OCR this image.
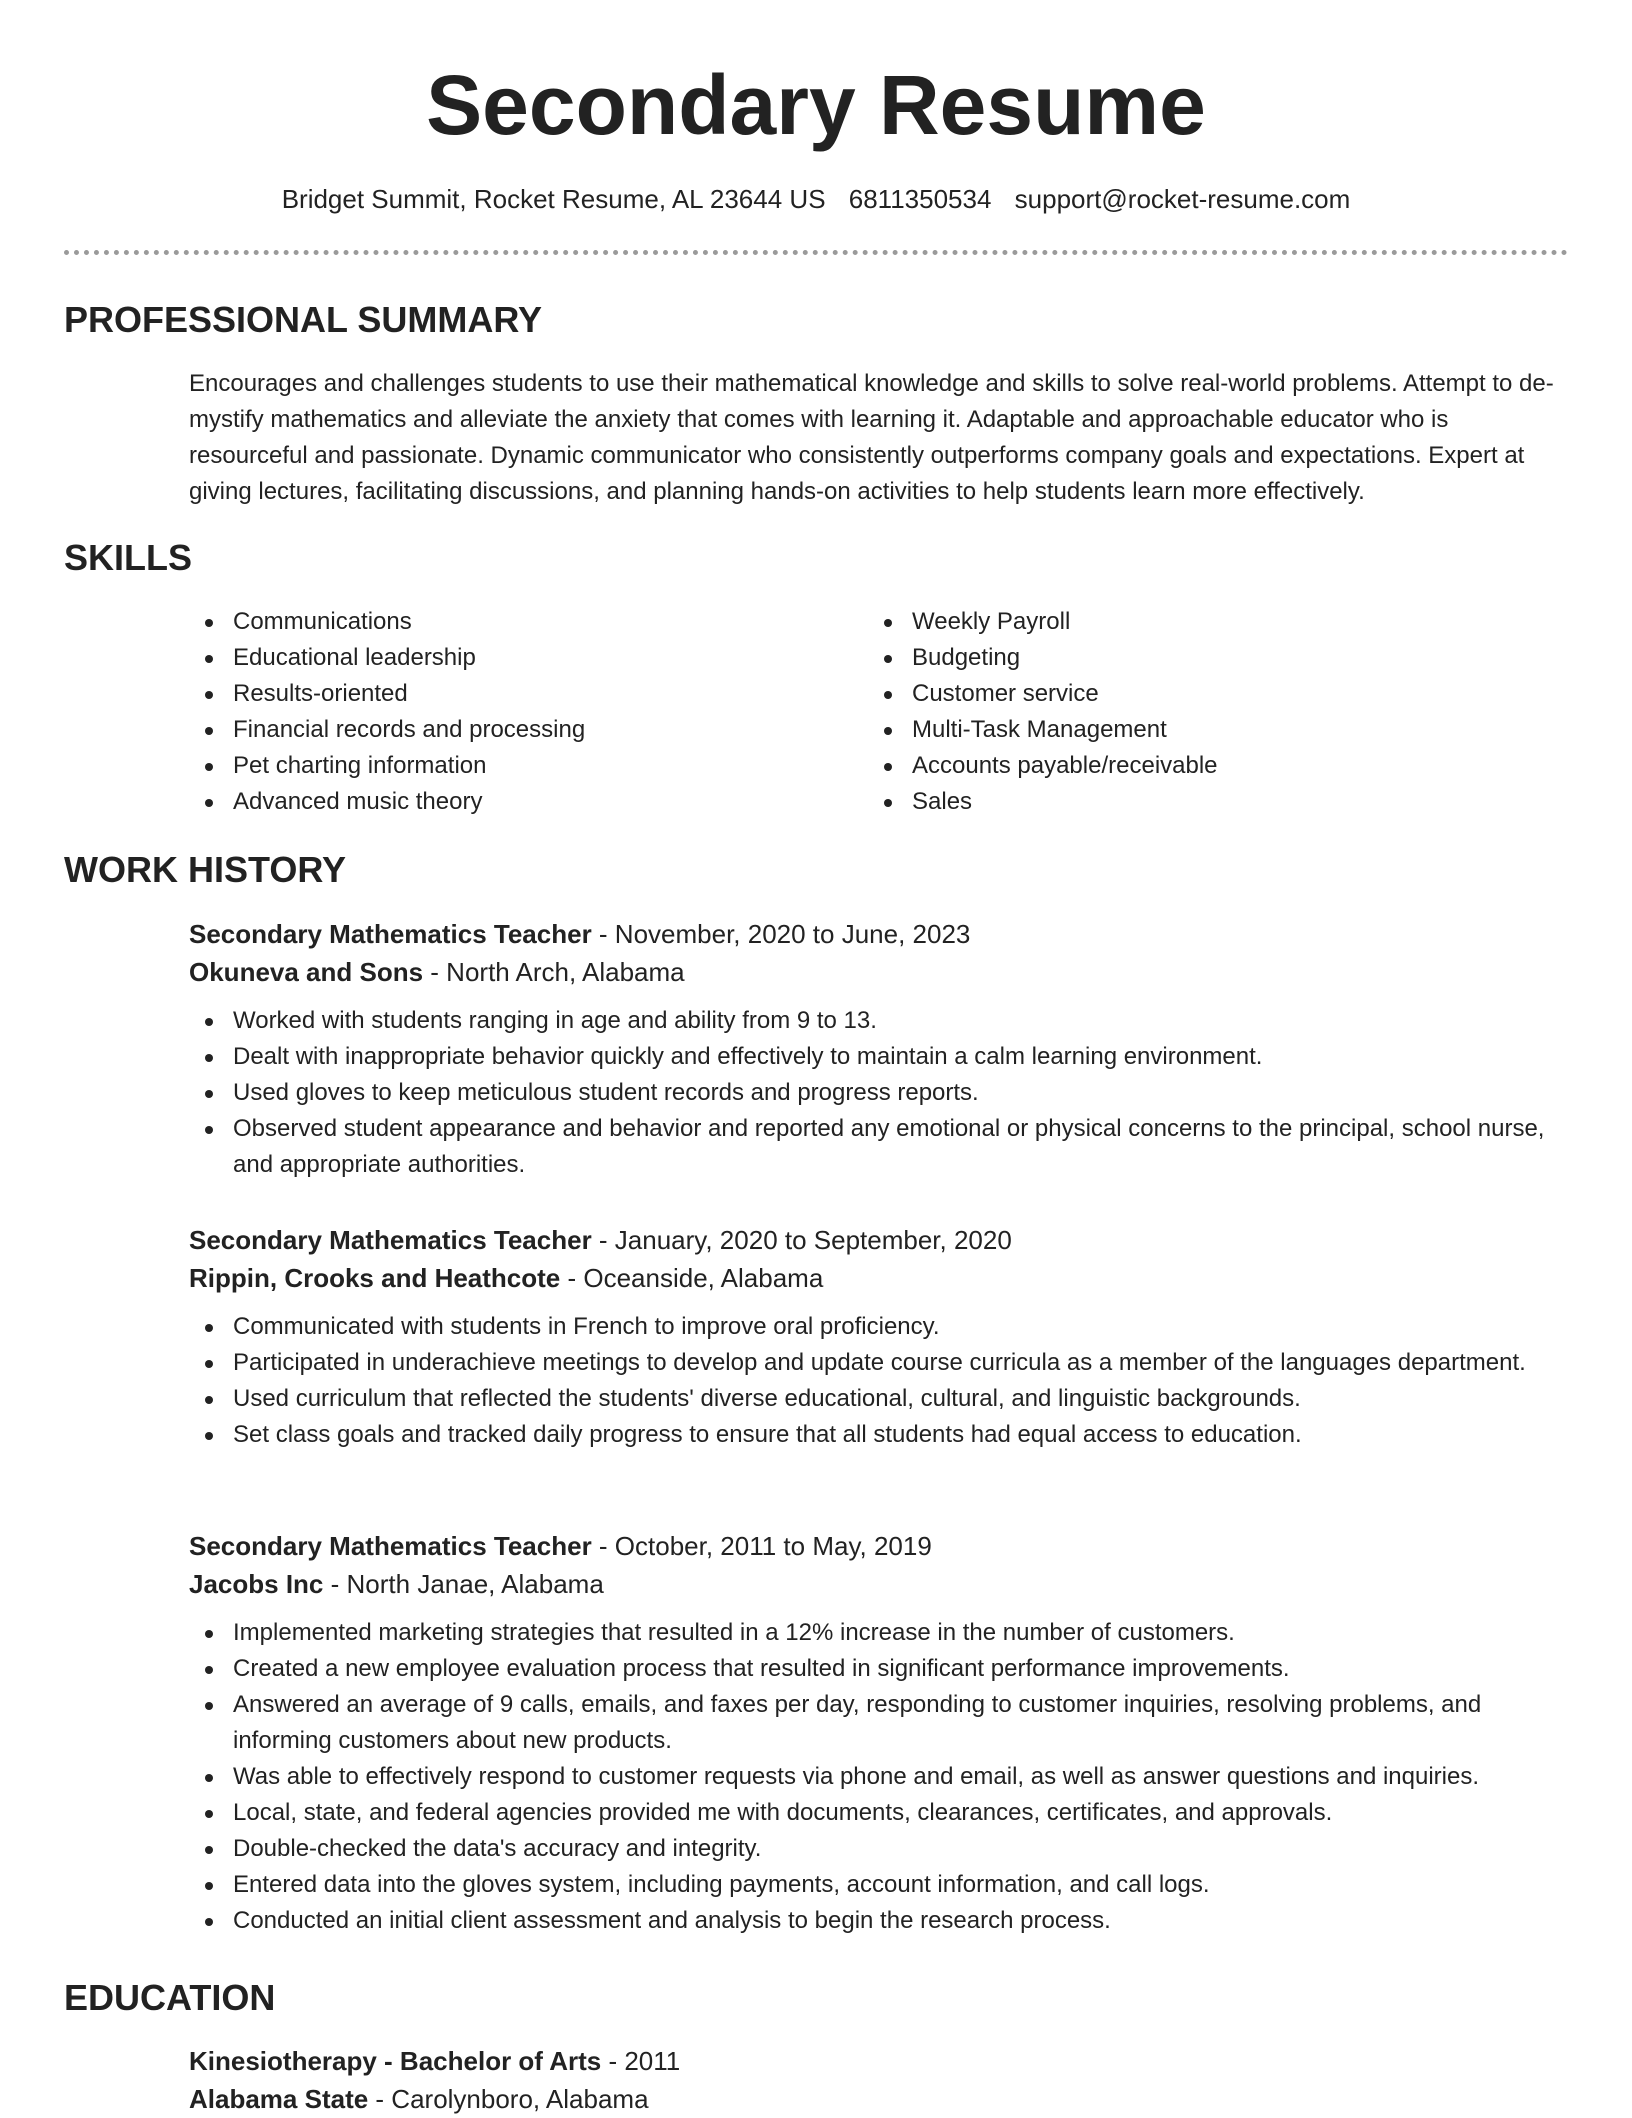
Secondary Resume
Bridget Summit, Rocket Resume, AL 23644 US 6811350534 support@rocket-resume.com
PROFESSIONAL SUMMARY

Encourages and challenges students to use their mathematical knowledge and skills to solve real-world problems. Attempt to de-mystify mathematics and alleviate the anxiety that comes with learning it. Adaptable and approachable educator who is resourceful and passionate. Dynamic communicator who consistently outperforms company goals and expectations. Expert at giving lectures, facilitating discussions, and planning hands-on activities to help students learn more effectively.

SKILLS
Communications
Educational leadership
Results-oriented
Financial records and processing
Pet charting information
Advanced music theory
Weekly Payroll
Budgeting
Customer service
Multi-Task Management
Accounts payable/receivable
Sales
WORK HISTORY
Secondary Mathematics Teacher - November, 2020 to June, 2023
Okuneva and Sons - North Arch, Alabama
Worked with students ranging in age and ability from 9 to 13.
Dealt with inappropriate behavior quickly and effectively to maintain a calm learning environment.
Used gloves to keep meticulous student records and progress reports.
Observed student appearance and behavior and reported any emotional or physical concerns to the principal, school nurse, and appropriate authorities.
Secondary Mathematics Teacher - January, 2020 to September, 2020
Rippin, Crooks and Heathcote - Oceanside, Alabama
Communicated with students in French to improve oral proficiency.
Participated in underachieve meetings to develop and update course curricula as a member of the languages department.
Used curriculum that reflected the students' diverse educational, cultural, and linguistic backgrounds.
Set class goals and tracked daily progress to ensure that all students had equal access to education.
Secondary Mathematics Teacher - October, 2011 to May, 2019
Jacobs Inc - North Janae, Alabama
Implemented marketing strategies that resulted in a 12% increase in the number of customers.
Created a new employee evaluation process that resulted in significant performance improvements.
Answered an average of 9 calls, emails, and faxes per day, responding to customer inquiries, resolving problems, and informing customers about new products.
Was able to effectively respond to customer requests via phone and email, as well as answer questions and inquiries.
Local, state, and federal agencies provided me with documents, clearances, certificates, and approvals.
Double-checked the data's accuracy and integrity.
Entered data into the gloves system, including payments, account information, and call logs.
Conducted an initial client assessment and analysis to begin the research process.
EDUCATION
Kinesiotherapy - Bachelor of Arts - 2011
Alabama State - Carolynboro, Alabama
